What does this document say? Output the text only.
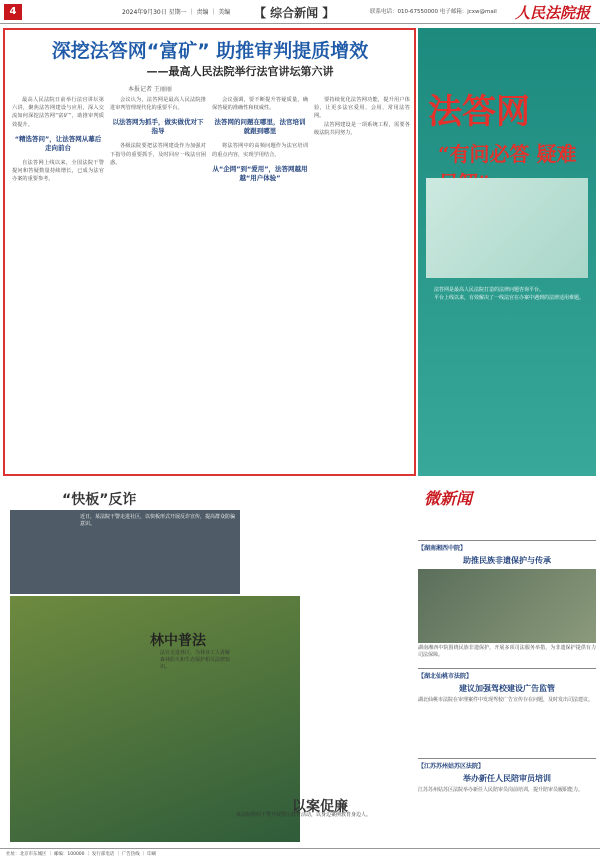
4	2024年9月30日 星期一 ｜ 责编 ｜ 美编 【 综合新闻 】	联系电话：010-67550000 电子邮箱：jcxw@mail 人民法院报
深挖法答网“富矿” 助推审判提质增效
——最高人民法院举行法官讲坛第六讲
本报记者 王丽丽

最高人民法院日前举行法官讲坛第六讲，聚焦法答网建设与应用，深入交流如何深挖法答网“富矿”，助推审判质效提升。

“精选答问”，让法答网从幕后走向前台

自法答网上线以来，全国法院干警提问和答疑数量持续增长，已成为法官办案的重要参考。

会议认为，法答网是最高人民法院推进审判管理现代化的重要平台。

以法答网为抓手，做实做优对下指导

各级法院要把法答网建设作为加强对下指导的重要抓手，及时回应一线法官困惑。

会议强调，要不断提升答疑质量，确保答疑的准确性和权威性。

法答网的问题在哪里，法官培训就跟到哪里

将法答网中的高频问题作为法官培训的重点内容，实现学用结合。

从“企网”到“爱用”，法答网越用越“用户体验”

要持续优化法答网功能，提升用户体验，让更多法官爱用、会用、常用法答网。

法答网建设是一项系统工程，需要各级法院共同努力。

法答网
“有问必答 疑难

法答网是最高人民法院打造的法律问题咨询平台。

平台上线以来，有效解决了一线法官在办案中遇到的法律适用难题。

“快板”反诈
近日，某法院干警走进社区，以快板形式开展反诈宣传，提高群众防骗意识。
林中普法
法官走进林区，为林业工人讲解森林防火和生态保护相关法律知识。
以案促廉
某法院组织干警开展警示教育活动，以身边案例教育身边人。
微新闻
【湖南湘西中院】
助推民族非遗保护与传承
湖南湘西中院围绕民族非遗保护，开展多项司法服务举措，为非遗保护提供有力司法保障。
【湖北仙桃市法院】
建议加强驾校建设广告监管
湖北仙桃市法院在审理案件中发现驾校广告宣传存在问题，及时发出司法建议。
【江苏苏州姑苏区法院】
举办新任人民陪审员培训
江苏苏州姑苏区法院举办新任人民陪审员岗前培训，提升陪审员履职能力。
社址：北京市东城区 ｜ 邮编：100000 ｜ 发行部电话 ｜ 广告热线 ｜ 印刷
